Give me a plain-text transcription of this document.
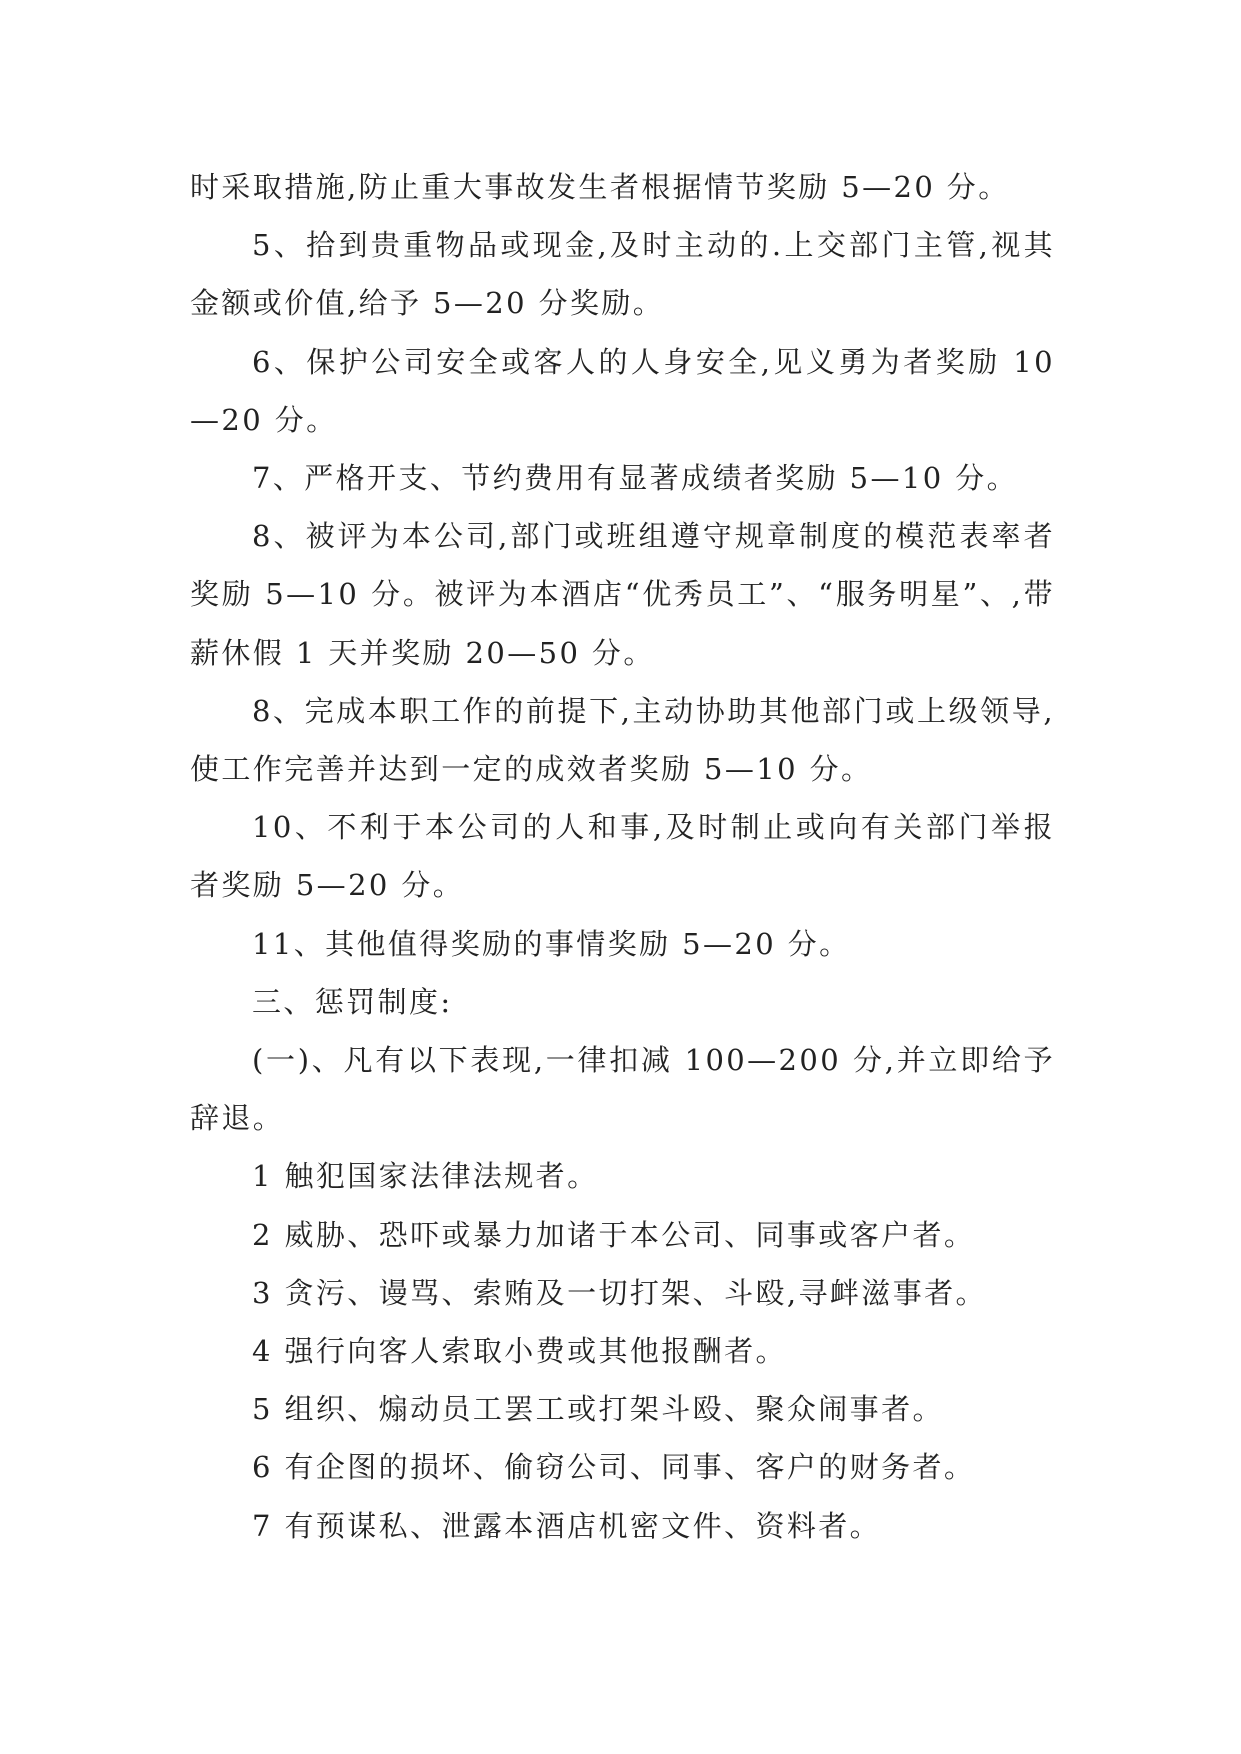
时采取措施,防止重大事故发生者根据情节奖励 5—20 分。

5、拾到贵重物品或现金,及时主动的.上交部门主管,视其金额或价值,给予 5—20 分奖励。

6、保护公司安全或客人的人身安全,见义勇为者奖励 10—20 分。

7、严格开支、节约费用有显著成绩者奖励 5—10 分。

8、被评为本公司,部门或班组遵守规章制度的模范表率者奖励 5—10 分。被评为本酒店“优秀员工”、“服务明星”、,带薪休假 1 天并奖励 20—50 分。

8、完成本职工作的前提下,主动协助其他部门或上级领导,使工作完善并达到一定的成效者奖励 5—10 分。

10、不利于本公司的人和事,及时制止或向有关部门举报者奖励 5—20 分。

11、其他值得奖励的事情奖励 5—20 分。

三、惩罚制度:

(一)、凡有以下表现,一律扣减 100—200 分,并立即给予辞退。

1 触犯国家法律法规者。

2 威胁、恐吓或暴力加诸于本公司、同事或客户者。

3 贪污、谩骂、索贿及一切打架、斗殴,寻衅滋事者。

4 强行向客人索取小费或其他报酬者。

5 组织、煽动员工罢工或打架斗殴、聚众闹事者。

6 有企图的损坏、偷窃公司、同事、客户的财务者。

7 有预谋私、泄露本酒店机密文件、资料者。
